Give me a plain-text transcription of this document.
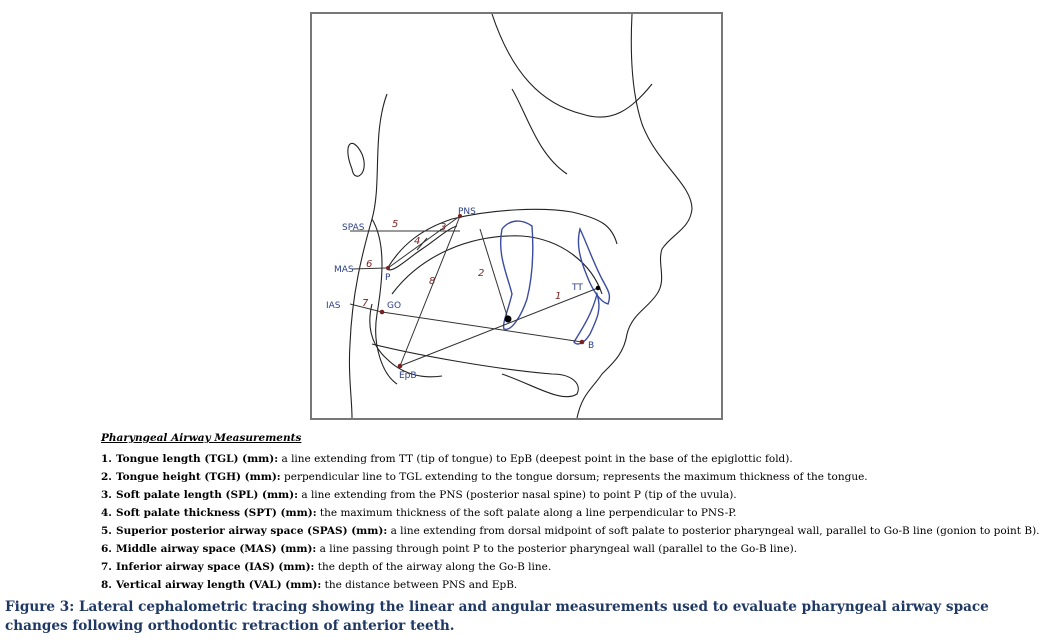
SPAS
MAS
IAS
PNS
TT
B
EpB
GO
P
1
2
3
4
5
6
7
8

Pharyngeal Airway Measurements

1. Tongue length (TGL) (mm): a line extending from TT (tip of tongue) to EpB (deepest point in the base of the epiglottic fold).
2. Tongue height (TGH) (mm): perpendicular line to TGL extending to the tongue dorsum; represents the maximum thickness of the tongue.
3. Soft palate length (SPL) (mm): a line extending from the PNS (posterior nasal spine) to point P (tip of the uvula).
4. Soft palate thickness (SPT) (mm): the maximum thickness of the soft palate along a line perpendicular to PNS-P.
5. Superior posterior airway space (SPAS) (mm): a line extending from dorsal midpoint of soft palate to posterior pharyngeal wall, parallel to Go-B line (gonion to point B).
6. Middle airway space (MAS) (mm): a line passing through point P to the posterior pharyngeal wall (parallel to the Go-B line).
7. Inferior airway space (IAS) (mm): the depth of the airway along the Go-B line.
8. Vertical airway length (VAL) (mm): the distance between PNS and EpB.
Figure 3: Lateral cephalometric tracing showing the linear and angular measurements used to evaluate pharyngeal airway space changes following orthodontic retraction of anterior teeth.
